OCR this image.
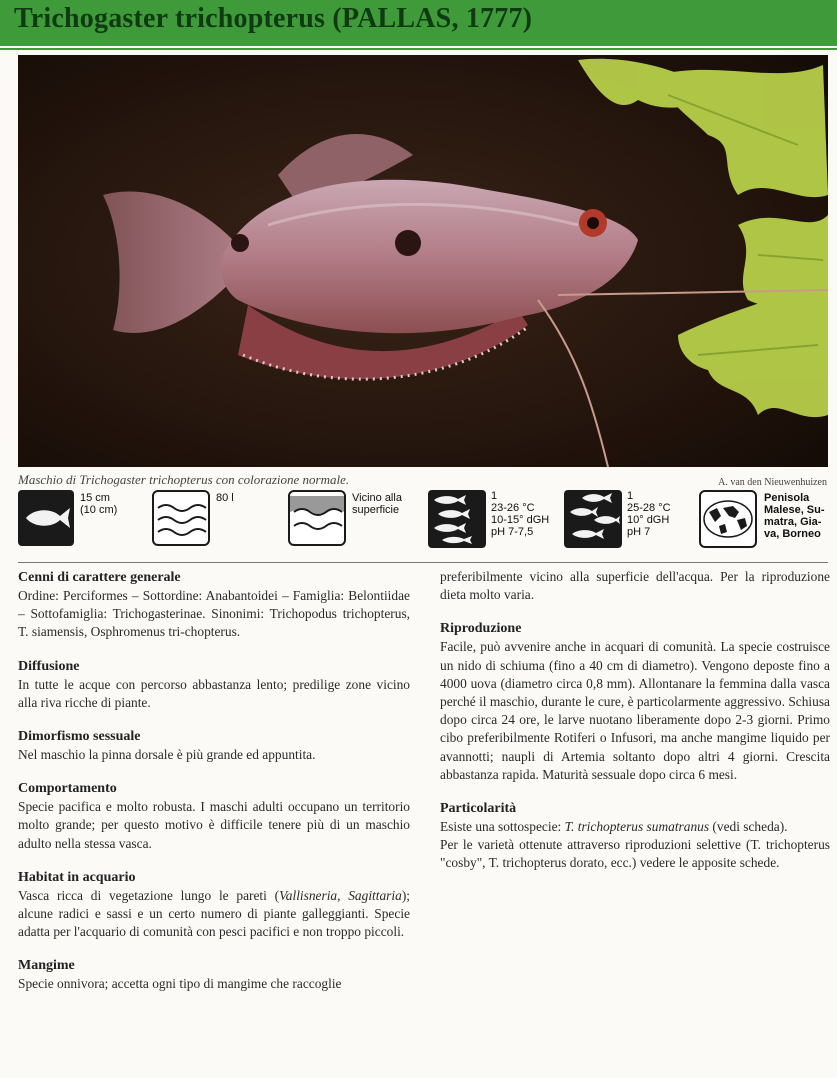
Trichogaster trichopterus (PALLAS, 1777)
Maschio di Trichogaster trichopterus con colorazione normale.	A. van den Nieuwenhuizen
15 cm
(10 cm)
80 l	Vicino alla
superficie
1
23-26 °C
10-15° dGH
pH 7-7,5
1
25-28 °C
10° dGH
pH 7
Penisola
Malese, Su-
matra, Gia-
va, Borneo
Cenni di carattere generale

Ordine: Perciformes – Sottordine: Anabantoidei – Famiglia: Belontiidae – Sottofamiglia: Trichogasterinae. Sinonimi: Trichopodus trichopterus, T. siamensis, Osphromenus tri-chopterus.

Diffusione

In tutte le acque con percorso abbastanza lento; predilige zone vicino alla riva ricche di piante.

Dimorfismo sessuale

Nel maschio la pinna dorsale è più grande ed appuntita.

Comportamento

Specie pacifica e molto robusta. I maschi adulti occupano un territorio molto grande; per questo motivo è difficile tenere più di un maschio adulto nella stessa vasca.

Habitat in acquario

Vasca ricca di vegetazione lungo le pareti (Vallisneria, Sagittaria); alcune radici e sassi e un certo numero di piante galleggianti. Specie adatta per l'acquario di comunità con pesci pacifici e non troppo piccoli.

Mangime

Specie onnivora; accetta ogni tipo di mangime che raccoglie

preferibilmente vicino alla superficie dell'acqua. Per la riproduzione dieta molto varia.

Riproduzione

Facile, può avvenire anche in acquari di comunità. La specie costruisce un nido di schiuma (fino a 40 cm di diametro). Vengono deposte fino a 4000 uova (diametro circa 0,8 mm). Allontanare la femmina dalla vasca perché il maschio, durante le cure, è particolarmente aggressivo. Schiusa dopo circa 24 ore, le larve nuotano liberamente dopo 2-3 giorni. Primo cibo preferibilmente Rotiferi o Infusori, ma anche mangime liquido per avannotti; naupli di Artemia soltanto dopo altri 4 giorni. Crescita abbastanza rapida. Maturità sessuale dopo circa 6 mesi.

Particolarità

Esiste una sottospecie: T. trichopterus sumatranus (vedi scheda).

Per le varietà ottenute attraverso riproduzioni selettive (T. trichopterus "cosby", T. trichopterus dorato, ecc.) vedere le apposite schede.
